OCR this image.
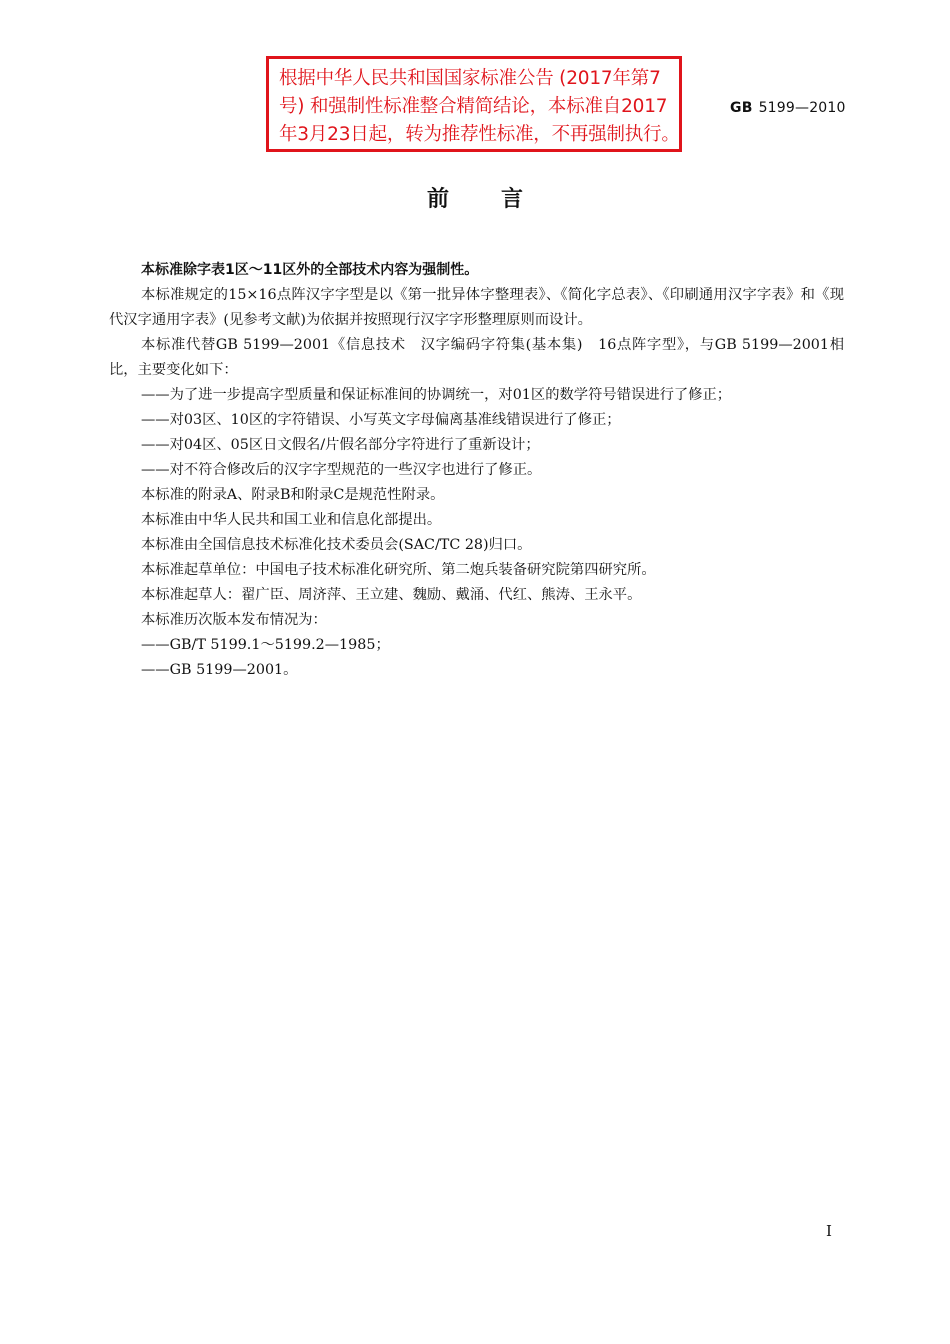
根据中华人民共和国国家标准公告 (2017年第7
号) 和强制性标准整合精简结论，本标准自2017
年3月23日起，转为推荐性标准，不再强制执行。
GB 5199—2010
前 言

本标准除字表1区～11区外的全部技术内容为强制性。

本标准规定的15×16点阵汉字字型是以《第一批异体字整理表》、《简化字总表》、《印刷通用汉字字表》和《现代汉字通用字表》(见参考文献)为依据并按照现行汉字字形整理原则而设计。

本标准代替GB 5199—2001《信息技术　汉字编码字符集(基本集)　16点阵字型》，与GB 5199—2001相比，主要变化如下：

——为了进一步提高字型质量和保证标准间的协调统一，对01区的数学符号错误进行了修正；

——对03区、10区的字符错误、小写英文字母偏离基准线错误进行了修正；

——对04区、05区日文假名/片假名部分字符进行了重新设计；

——对不符合修改后的汉字字型规范的一些汉字也进行了修正。

本标准的附录A、附录B和附录C是规范性附录。

本标准由中华人民共和国工业和信息化部提出。

本标准由全国信息技术标准化技术委员会(SAC/TC 28)归口。

本标准起草单位：中国电子技术标准化研究所、第二炮兵装备研究院第四研究所。

本标准起草人：翟广臣、周济萍、王立建、魏励、戴涌、代红、熊涛、王永平。

本标准历次版本发布情况为：

——GB/T 5199.1～5199.2—1985；

——GB 5199—2001。

I
